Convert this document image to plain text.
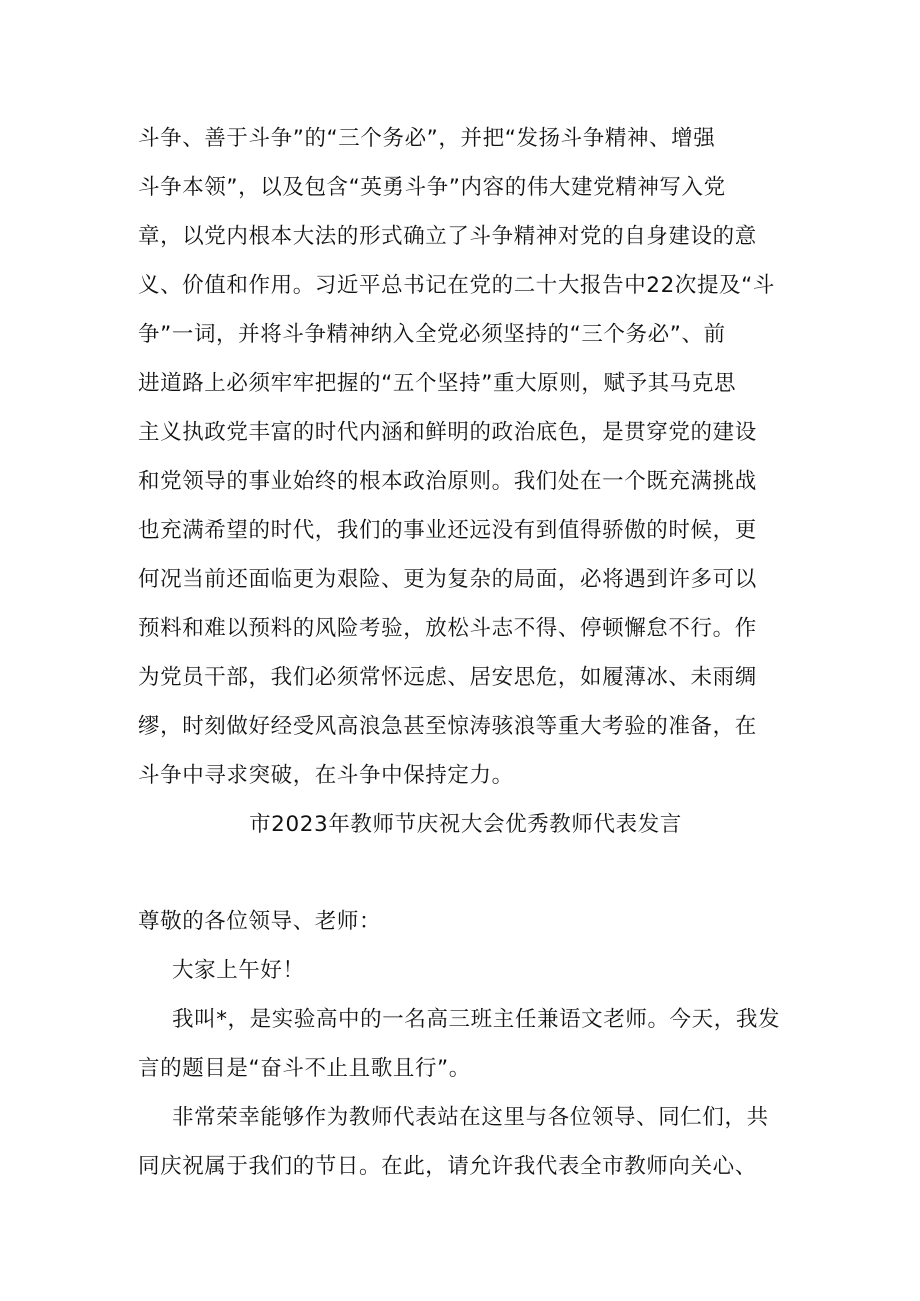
斗争、善于斗争”的“三个务必”，并把“发扬斗争精神、增强
斗争本领”，以及包含“英勇斗争”内容的伟大建党精神写入党
章，以党内根本大法的形式确立了斗争精神对党的自身建设的意
义、价值和作用。习近平总书记在党的二十大报告中22次提及“斗
争”一词，并将斗争精神纳入全党必须坚持的“三个务必”、前
进道路上必须牢牢把握的“五个坚持”重大原则，赋予其马克思
主义执政党丰富的时代内涵和鲜明的政治底色，是贯穿党的建设
和党领导的事业始终的根本政治原则。我们处在一个既充满挑战
也充满希望的时代，我们的事业还远没有到值得骄傲的时候，更
何况当前还面临更为艰险、更为复杂的局面，必将遇到许多可以
预料和难以预料的风险考验，放松斗志不得、停顿懈怠不行。作
为党员干部，我们必须常怀远虑、居安思危，如履薄冰、未雨绸
缪，时刻做好经受风高浪急甚至惊涛骇浪等重大考验的准备，在
斗争中寻求突破，在斗争中保持定力。
市2023年教师节庆祝大会优秀教师代表发言
尊敬的各位领导、老师：
大家上午好！
我叫*，是实验高中的一名高三班主任兼语文老师。今天，我发
言的题目是“奋斗不止且歌且行”。
非常荣幸能够作为教师代表站在这里与各位领导、同仁们，共
同庆祝属于我们的节日。在此，请允许我代表全市教师向关心、
